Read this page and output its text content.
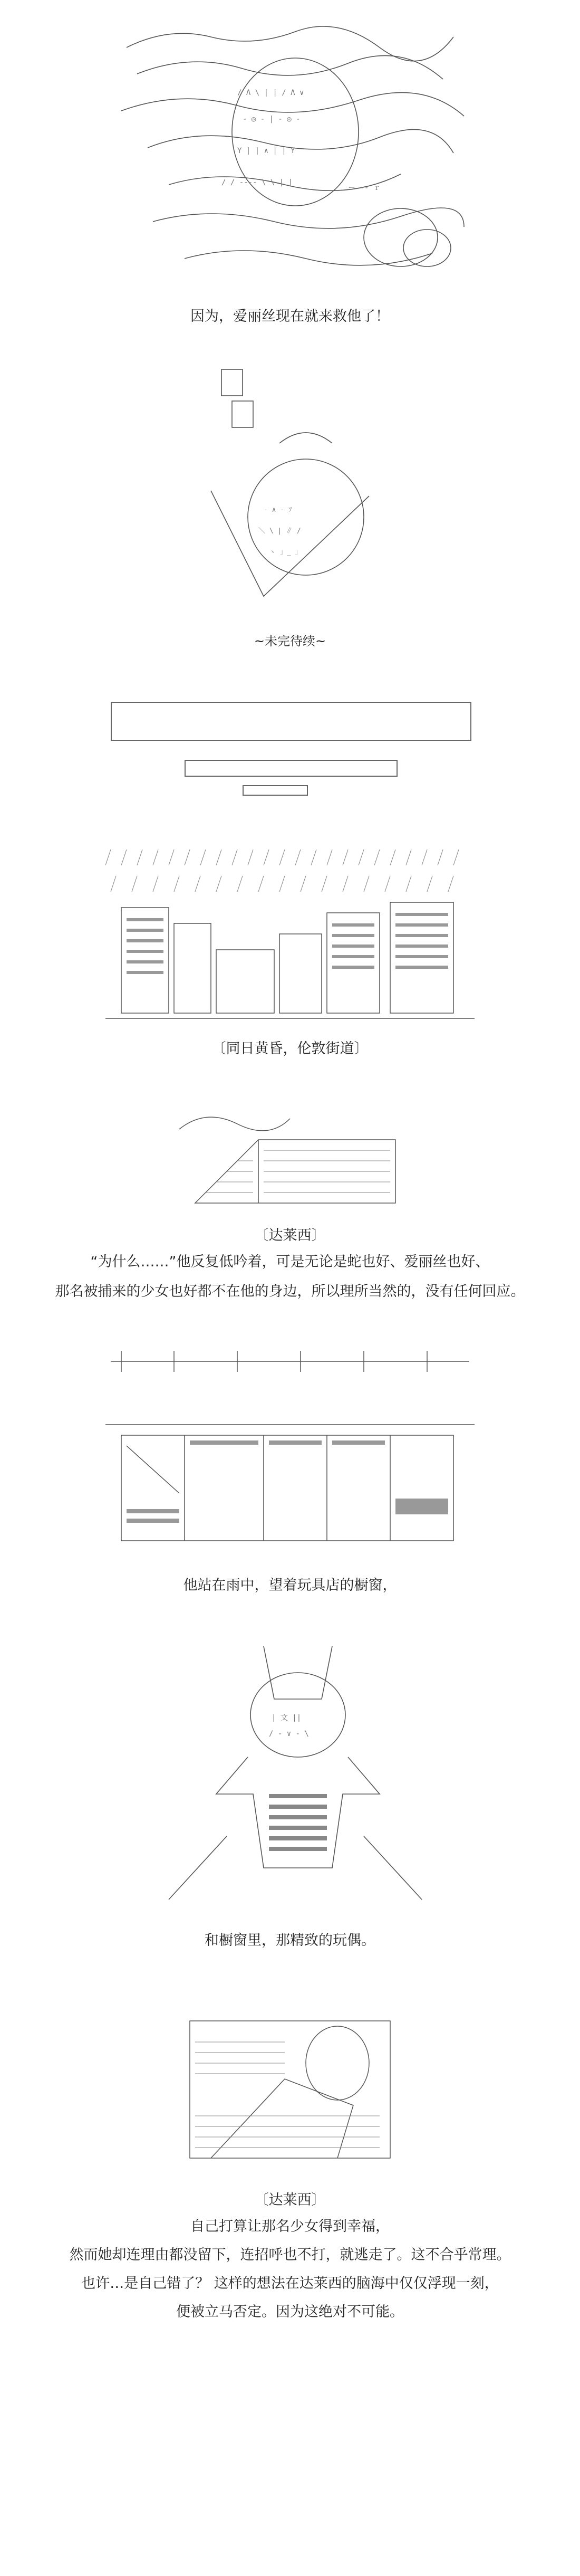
/ Λ \ | | / Λ ∨
‐ ◎ ‐ | ‐ ◎ ‐
Y | | ∧ | | Y
/ / ‐‐‐‐ \ \ | |
ー ‐‐ ｒ

因为，爱丽丝现在就来救他了！

‐ ∧ ‐ ｿ
＼ \ | ∥ /
ヽ 」_ 」

~未完待续~

〔同日黄昏，伦敦街道〕

〔达莱西〕

“为什么……”他反复低吟着，可是无论是蛇也好、爱丽丝也好、

那名被捕来的少女也好都不在他的身边，所以理所当然的，没有任何回应。

他站在雨中，望着玩具店的橱窗，

| 文 ||
/ ‐ ∨ ‐ \

和橱窗里，那精致的玩偶。

〔达莱西〕

自己打算让那名少女得到幸福，

然而她却连理由都没留下，连招呼也不打，就逃走了。这不合乎常理。

也许…是自己错了？ 这样的想法在达莱西的脑海中仅仅浮现一刻，

便被立马否定。因为这绝对不可能。
